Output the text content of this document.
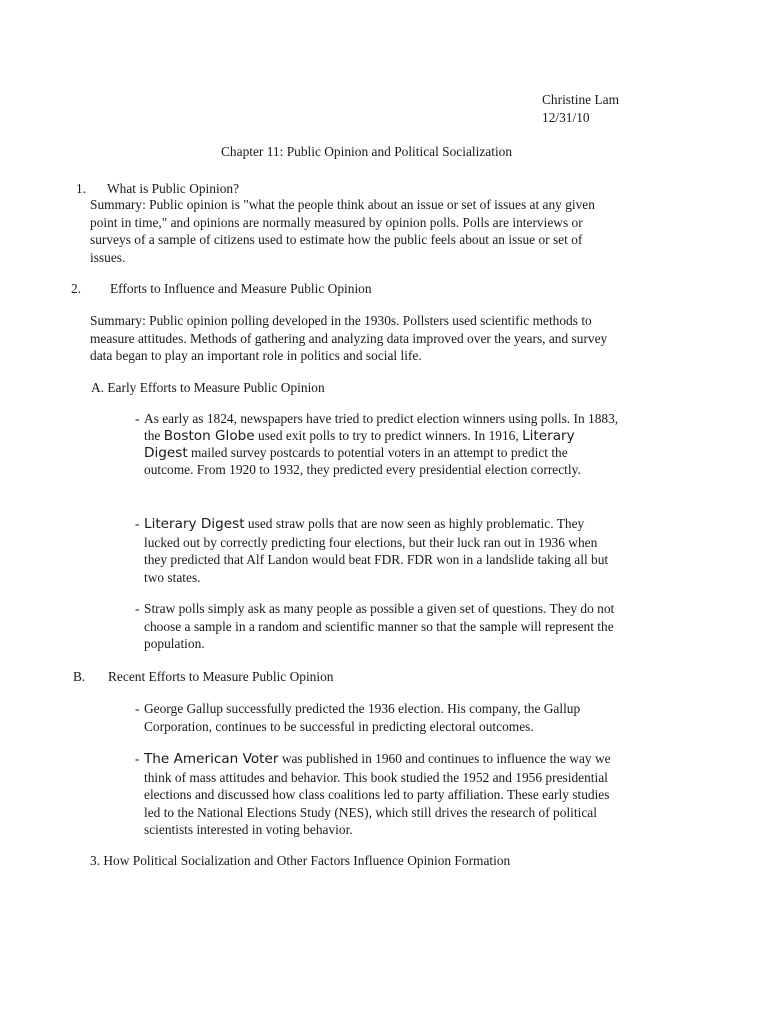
Christine Lam
12/31/10
Chapter 11: Public Opinion and Political Socialization
1. What is Public Opinion?
Summary: Public opinion is "what the people think about an issue or set of issues at any given
point in time," and opinions are normally measured by opinion polls. Polls are interviews or
surveys of a sample of citizens used to estimate how the public feels about an issue or set of
issues.
2. Efforts to Influence and Measure Public Opinion
Summary: Public opinion polling developed in the 1930s. Pollsters used scientific methods to
measure attitudes. Methods of gathering and analyzing data improved over the years, and survey
data began to play an important role in politics and social life.
A. Early Efforts to Measure Public Opinion
- As early as 1824, newspapers have tried to predict election winners using polls. In 1883,
the Boston Globe used exit polls to try to predict winners. In 1916, Literary
Digest mailed survey postcards to potential voters in an attempt to predict the
outcome. From 1920 to 1932, they predicted every presidential election correctly.
- Literary Digest used straw polls that are now seen as highly problematic. They
lucked out by correctly predicting four elections, but their luck ran out in 1936 when
they predicted that Alf Landon would beat FDR. FDR won in a landslide taking all but
two states.
- Straw polls simply ask as many people as possible a given set of questions. They do not
choose a sample in a random and scientific manner so that the sample will represent the
population.
B. Recent Efforts to Measure Public Opinion
- George Gallup successfully predicted the 1936 election. His company, the Gallup
Corporation, continues to be successful in predicting electoral outcomes.
- The American Voter was published in 1960 and continues to influence the way we
think of mass attitudes and behavior. This book studied the 1952 and 1956 presidential
elections and discussed how class coalitions led to party affiliation. These early studies
led to the National Elections Study (NES), which still drives the research of political
scientists interested in voting behavior.
3. How Political Socialization and Other Factors Influence Opinion Formation
